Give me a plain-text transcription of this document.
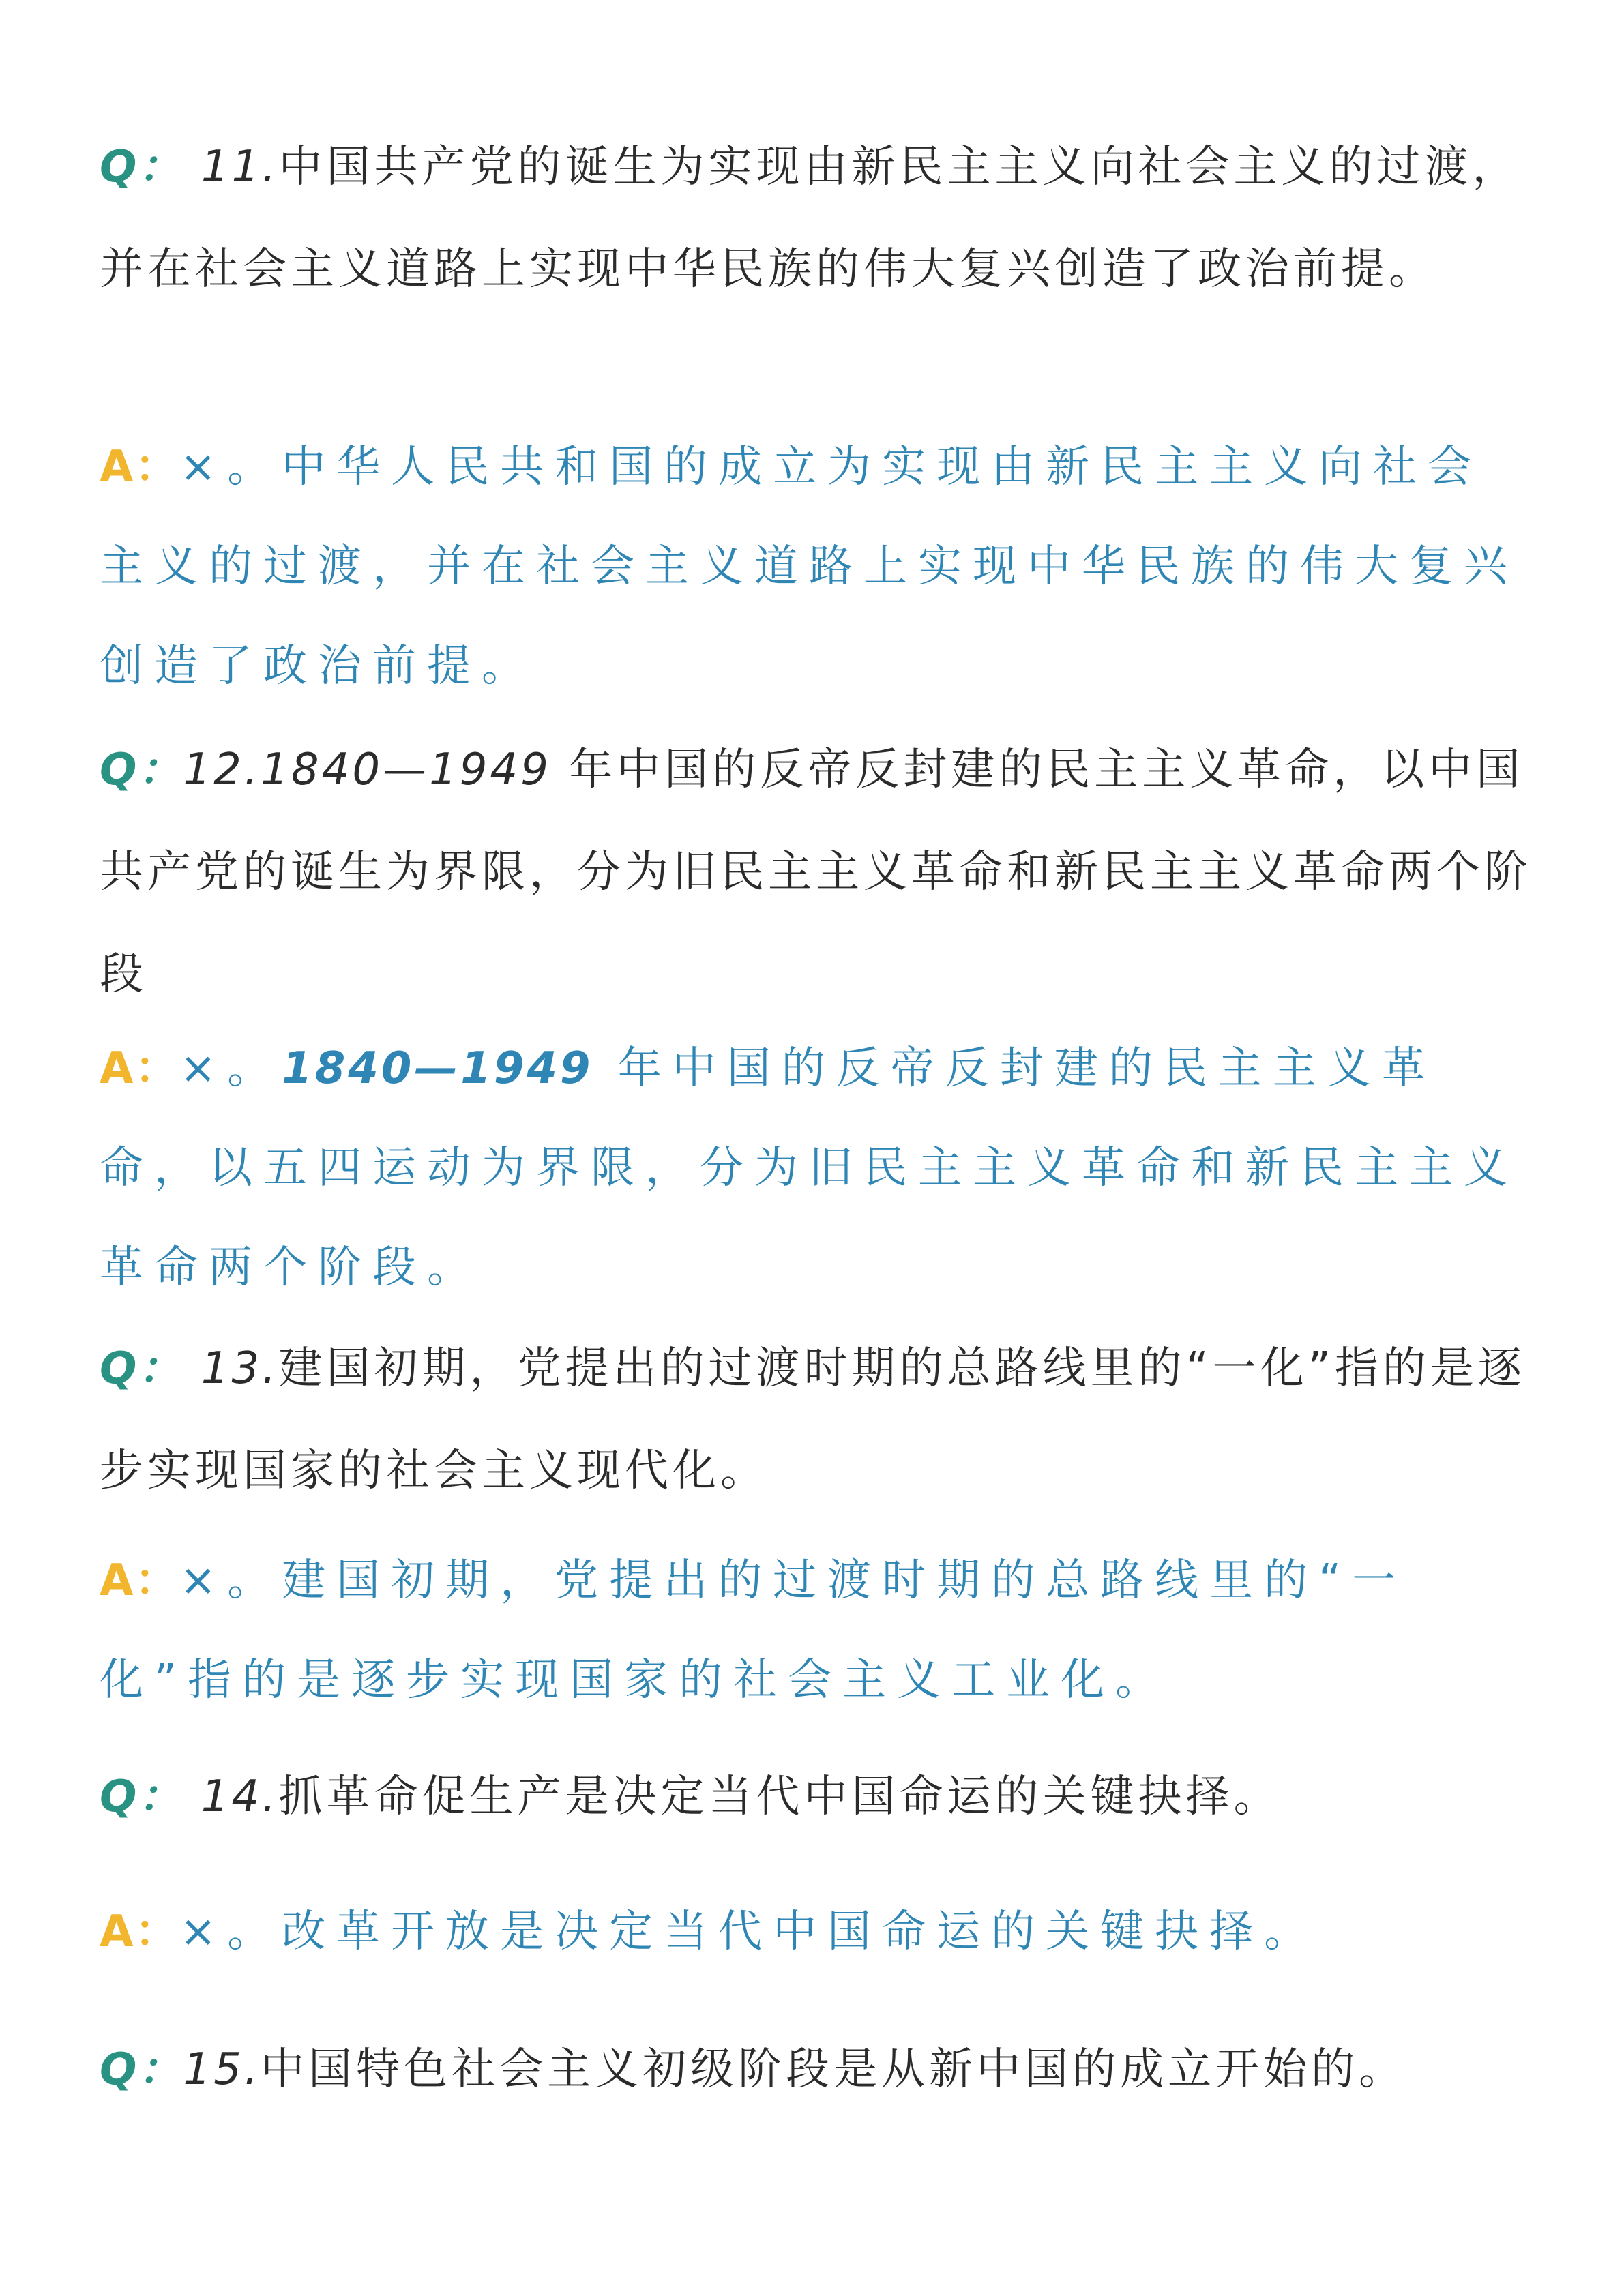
Q： 11.中国共产党的诞生为实现由新民主主义向社会主义的过渡，并在社会主义道路上实现中华民族的伟大复兴创造了政治前提。

A：×。中华人民共和国的成立为实现由新民主主义向社会主义的过渡，并在社会主义道路上实现中华民族的伟大复兴创造了政治前提。

Q：12.1840—1949 年中国的反帝反封建的民主主义革命，以中国共产党的诞生为界限，分为旧民主主义革命和新民主主义革命两个阶段

A：×。1840—1949 年中国的反帝反封建的民主主义革命，以五四运动为界限，分为旧民主主义革命和新民主主义革命两个阶段。

Q： 13.建国初期，党提出的过渡时期的总路线里的“一化”指的是逐步实现国家的社会主义现代化。

A：×。建国初期，党提出的过渡时期的总路线里的“一化”指的是逐步实现国家的社会主义工业化。

Q： 14.抓革命促生产是决定当代中国命运的关键抉择。

A：×。改革开放是决定当代中国命运的关键抉择。

Q：15.中国特色社会主义初级阶段是从新中国的成立开始的。
